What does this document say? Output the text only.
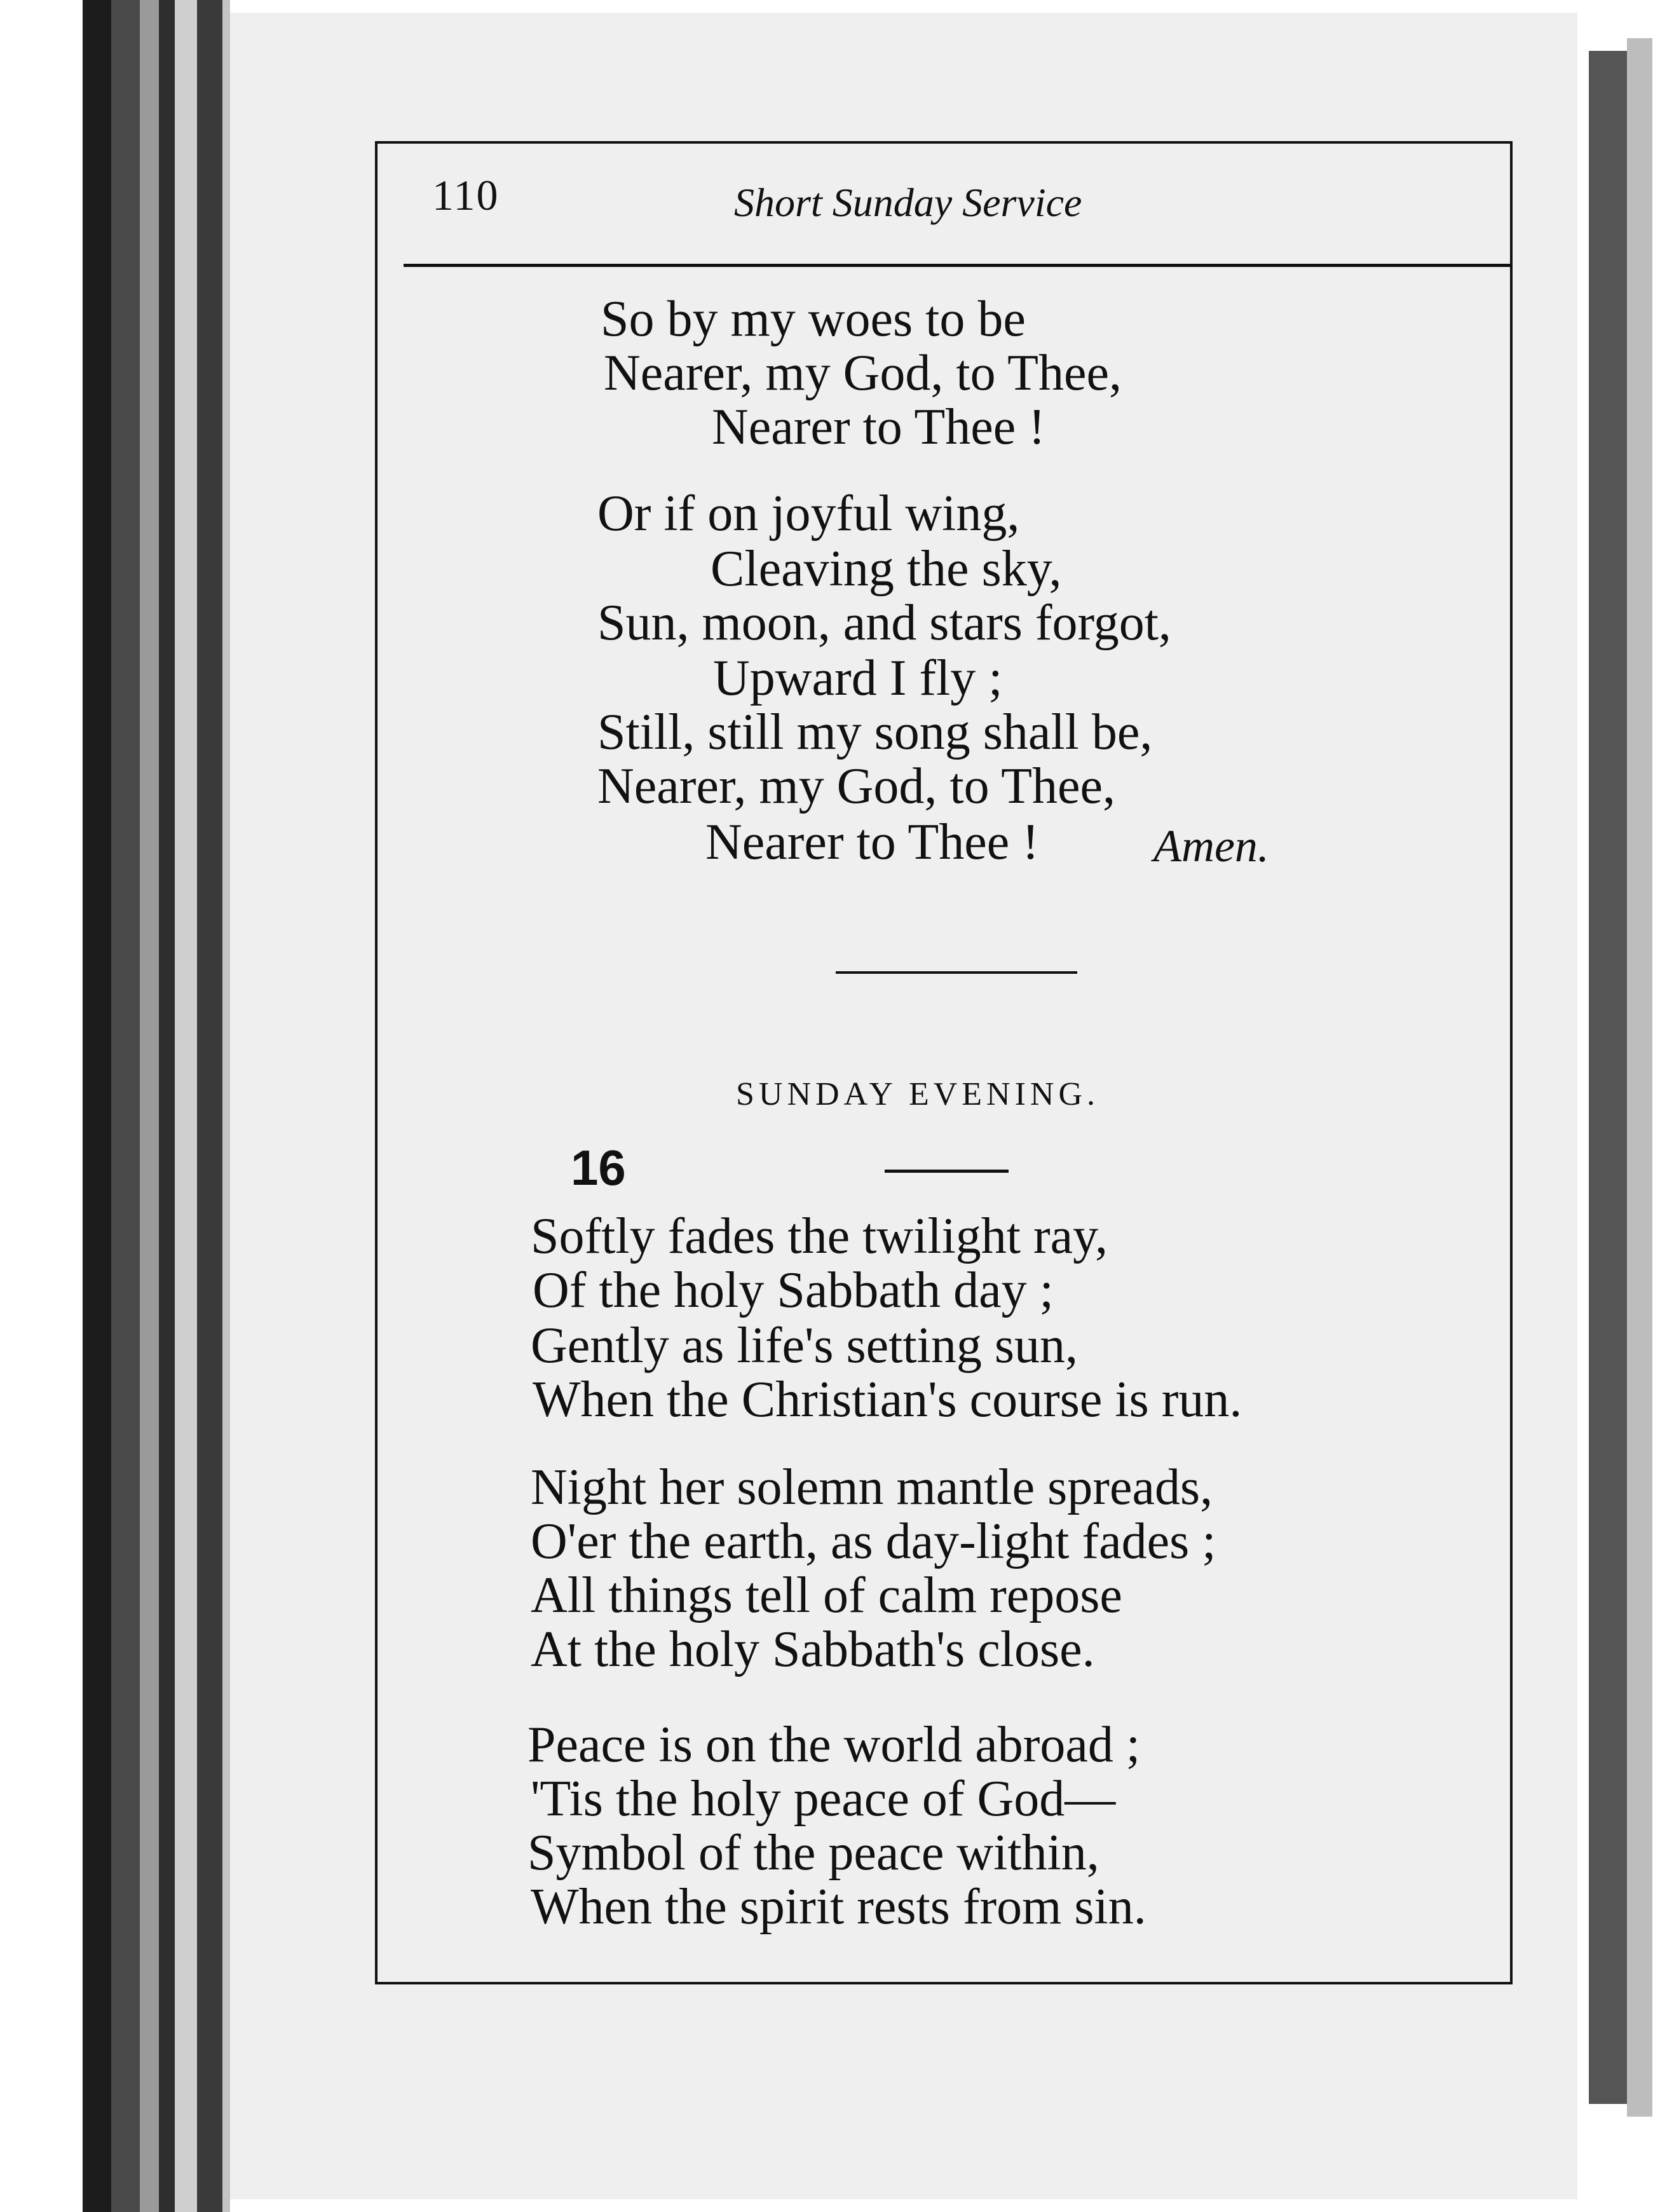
110	Short Sunday Service
So by my woes to be
Nearer, my God, to Thee,
Nearer to Thee !
Or if on joyful wing,
Cleaving the sky,
Sun, moon, and stars forgot,
Upward I fly ;
Still, still my song shall be,
Nearer, my God, to Thee,
Nearer to Thee !	Amen.
SUNDAY EVENING.
16
Softly fades the twilight ray,
Of the holy Sabbath day ;
Gently as life's setting sun,
When the Christian's course is run.
Night her solemn mantle spreads,
O'er the earth, as day-light fades ;
All things tell of calm repose
At the holy Sabbath's close.
Peace is on the world abroad ;
'Tis the holy peace of God—
Symbol of the peace within,
When the spirit rests from sin.
